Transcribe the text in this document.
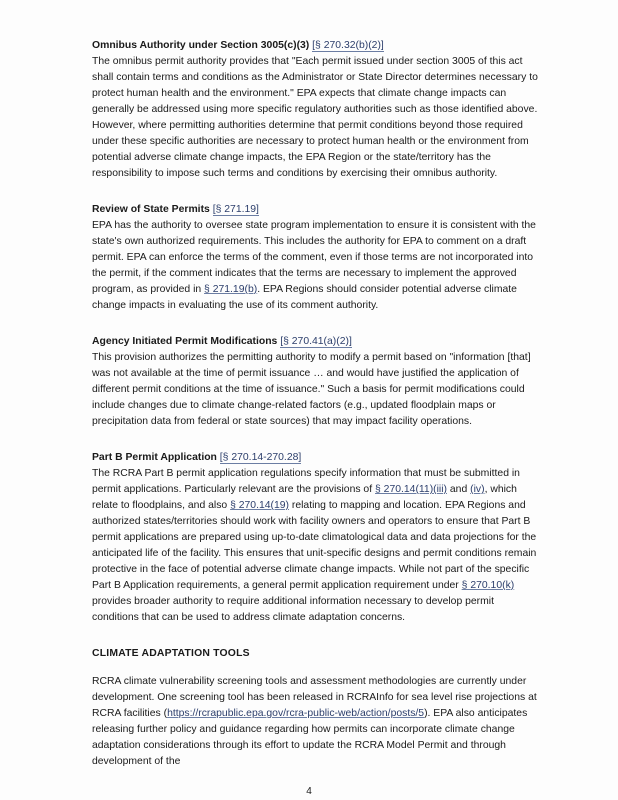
Omnibus Authority under Section 3005(c)(3) [§ 270.32(b)(2)]

The omnibus permit authority provides that "Each permit issued under section 3005 of this act shall contain terms and conditions as the Administrator or State Director determines necessary to protect human health and the environment." EPA expects that climate change impacts can generally be addressed using more specific regulatory authorities such as those identified above. However, where permitting authorities determine that permit conditions beyond those required under these specific authorities are necessary to protect human health or the environment from potential adverse climate change impacts, the EPA Region or the state/territory has the responsibility to impose such terms and conditions by exercising their omnibus authority.

Review of State Permits [§ 271.19]

EPA has the authority to oversee state program implementation to ensure it is consistent with the state's own authorized requirements. This includes the authority for EPA to comment on a draft permit. EPA can enforce the terms of the comment, even if those terms are not incorporated into the permit, if the comment indicates that the terms are necessary to implement the approved program, as provided in § 271.19(b). EPA Regions should consider potential adverse climate change impacts in evaluating the use of its comment authority.

Agency Initiated Permit Modifications [§ 270.41(a)(2)]

This provision authorizes the permitting authority to modify a permit based on "information [that] was not available at the time of permit issuance … and would have justified the application of different permit conditions at the time of issuance." Such a basis for permit modifications could include changes due to climate change-related factors (e.g., updated floodplain maps or precipitation data from federal or state sources) that may impact facility operations.

Part B Permit Application [§ 270.14-270.28]

The RCRA Part B permit application regulations specify information that must be submitted in permit applications. Particularly relevant are the provisions of § 270.14(11)(iii) and (iv), which relate to floodplains, and also § 270.14(19) relating to mapping and location. EPA Regions and authorized states/territories should work with facility owners and operators to ensure that Part B permit applications are prepared using up-to-date climatological data and data projections for the anticipated life of the facility. This ensures that unit-specific designs and permit conditions remain protective in the face of potential adverse climate change impacts. While not part of the specific Part B Application requirements, a general permit application requirement under § 270.10(k) provides broader authority to require additional information necessary to develop permit conditions that can be used to address climate adaptation concerns.

CLIMATE ADAPTATION TOOLS

RCRA climate vulnerability screening tools and assessment methodologies are currently under development. One screening tool has been released in RCRAInfo for sea level rise projections at RCRA facilities (https://rcrapublic.epa.gov/rcra-public-web/action/posts/5). EPA also anticipates releasing further policy and guidance regarding how permits can incorporate climate change adaptation considerations through its effort to update the RCRA Model Permit and through development of the

4
